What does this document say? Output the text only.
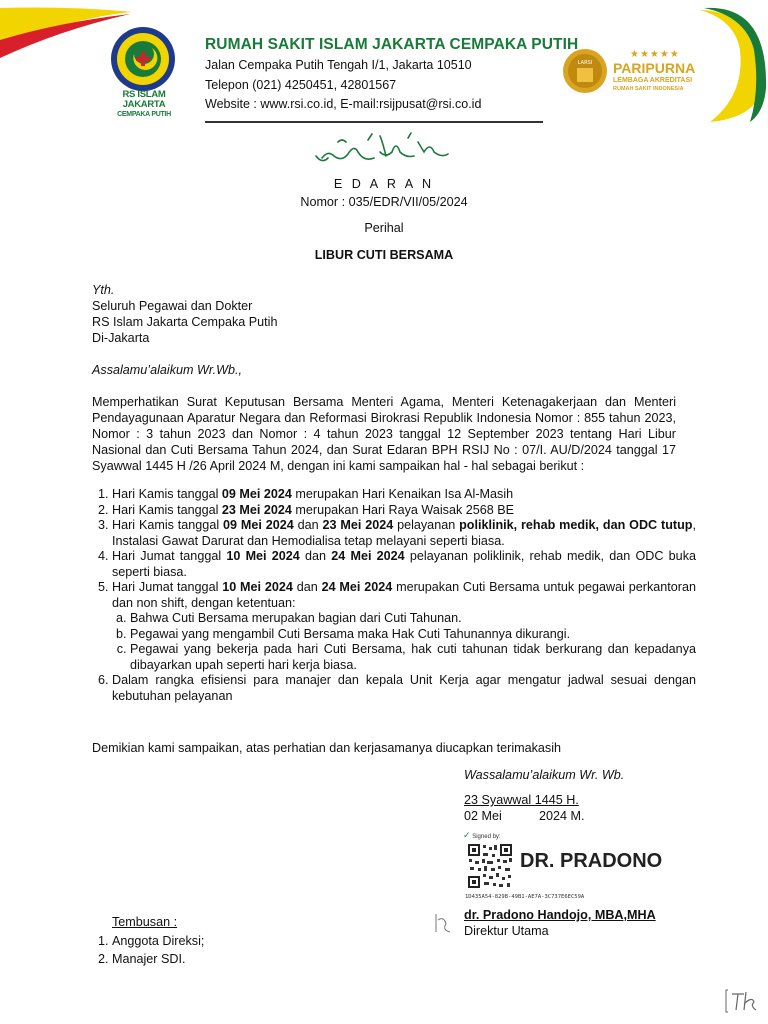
RS ISLAM JAKARTA
CEMPAKA PUTIH
RUMAH SAKIT ISLAM JAKARTA CEMPAKA PUTIH
Jalan Cempaka Putih Tengah I/1, Jakarta 10510
Telepon (021) 4250451, 42801567
Website : www.rsi.co.id, E-mail:rsijpusat@rsi.co.id
LARSI
★★★★★
PARIPURNA
LEMBAGA AKREDITASI
RUMAH SAKIT INDONESIA
E D A R A N
Nomor : 035/EDR/VII/05/2024
Perihal
LIBUR CUTI BERSAMA
Yth.
Seluruh Pegawai dan Dokter
RS Islam Jakarta Cempaka Putih
Di-Jakarta
Assalamu’alaikum Wr.Wb.,
Memperhatikan Surat Keputusan Bersama Menteri Agama, Menteri Ketenagakerjaan dan Menteri Pendayagunaan Aparatur Negara dan Reformasi Birokrasi Republik Indonesia Nomor : 855 tahun 2023, Nomor : 3 tahun 2023 dan Nomor : 4 tahun 2023 tanggal 12 September 2023 tentang Hari Libur Nasional dan Cuti Bersama Tahun 2024, dan Surat Edaran BPH RSIJ No : 07/I. AU/D/2024 tanggal 17 Syawwal 1445 H /26 April 2024 M, dengan ini kami sampaikan hal - hal sebagai berikut :
1. Hari Kamis tanggal 09 Mei 2024 merupakan Hari Kenaikan Isa Al-Masih
2. Hari Kamis tanggal 23 Mei 2024 merupakan Hari Raya Waisak 2568 BE
3. Hari Kamis tanggal 09 Mei 2024 dan 23 Mei 2024 pelayanan poliklinik, rehab medik, dan ODC tutup, Instalasi Gawat Darurat dan Hemodialisa tetap melayani seperti biasa.
4. Hari Jumat tanggal 10 Mei 2024 dan 24 Mei 2024 pelayanan poliklinik, rehab medik, dan ODC buka seperti biasa.
5. Hari Jumat tanggal 10 Mei 2024 dan 24 Mei 2024 merupakan Cuti Bersama untuk pegawai perkantoran dan non shift, dengan ketentuan:
a. Bahwa Cuti Bersama merupakan bagian dari Cuti Tahunan.
b. Pegawai yang mengambil Cuti Bersama maka Hak Cuti Tahunannya dikurangi.
c. Pegawai yang bekerja pada hari Cuti Bersama, hak cuti tahunan tidak berkurang dan kepadanya dibayarkan upah seperti hari kerja biasa.
6. Dalam rangka efisiensi para manajer dan kepala Unit Kerja agar mengatur jadwal sesuai dengan kebutuhan pelayanan
Demikian kami sampaikan, atas perhatian dan kerjasamanya diucapkan terimakasih
Wassalamu’alaikum Wr. Wb.
23 Syawwal 1445 H.
02 Mei	2024 M.
✓ Signed by:
DR. PRADONO
1D435A54-829B-49B1-AE7A-3C737E6EC59A
dr. Pradono Handojo, MBA,MHA
Direktur Utama
Tembusan :
1. Anggota Direksi;
2. Manajer SDI.
